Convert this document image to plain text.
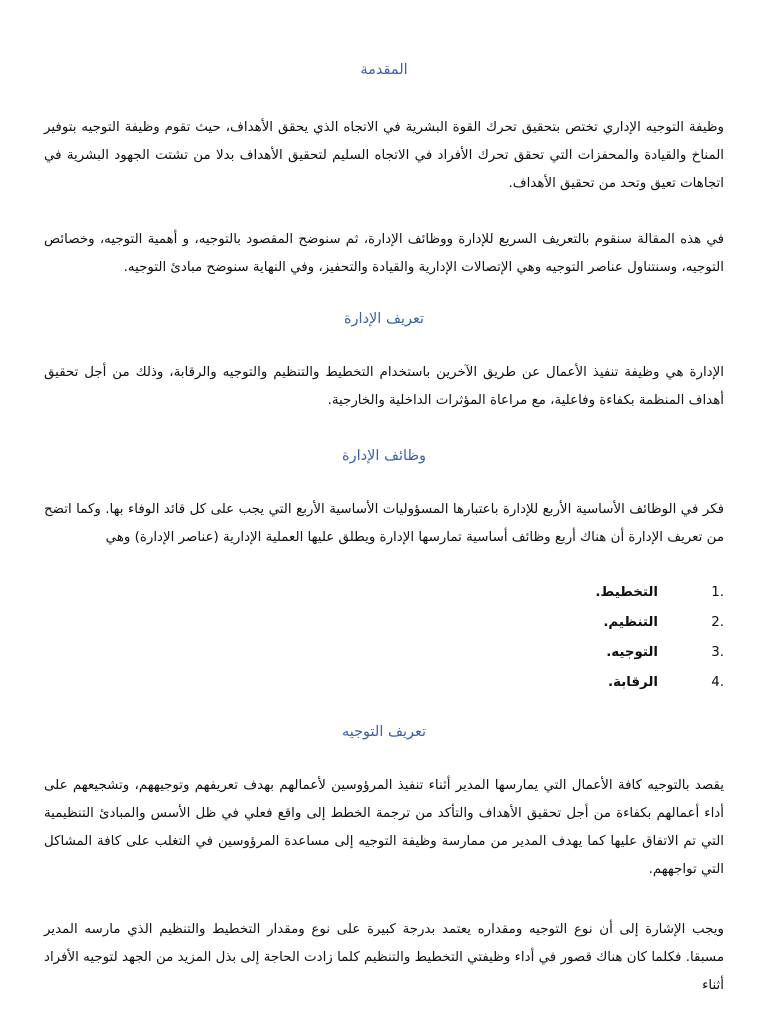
المقدمة

وظيفة التوجيه الإداري تختص بتحقيق تحرك القوة البشرية في الاتجاه الذي يحقق الأهداف، حيث تقوم وظيفة التوجيه بتوفير المناخ والقيادة والمحفزات التي تحقق تحرك الأفراد في الاتجاه السليم لتحقيق الأهداف بدلا من تشتت الجهود البشرية في اتجاهات تعيق وتحد من تحقيق الأهداف.

في هذه المقالة سنقوم بالتعريف السريع للإدارة ووظائف الإدارة، ثم سنوضح المقصود بالتوجيه، و أهمية التوجيه، وخصائص التوجيه، وسنتناول عناصر التوجيه وهي الإتصالات الإدارية والقيادة والتحفيز، وفي النهاية سنوضح مبادئ التوجيه.

تعريف الإدارة

الإدارة هي وظيفة تنفيذ الأعمال عن طريق الآخرين باستخدام التخطيط والتنظيم والتوجيه والرقابة، وذلك من أجل تحقيق أهداف المنظمة بكفاءة وفاعلية، مع مراعاة المؤثرات الداخلية والخارجية.

وظائف الإدارة

فكر في الوظائف الأساسية الأربع للإدارة باعتبارها المسؤوليات الأساسية الأربع التي يجب على كل قائد الوفاء بها. وكما اتضح من تعريف الإدارة أن هناك أربع وظائف أساسية تمارسها الإدارة ويطلق عليها العملية الإدارية (عناصر الإدارة) وهي

1.
التخطيط.
2.
التنظيم.
3.
التوجيه.
4.
الرقابة.
تعريف التوجيه

يقصد بالتوجيه كافة الأعمال التي يمارسها المدير أثناء تنفيذ المرؤوسين لأعمالهم بهدف تعريفهم وتوجيههم، وتشجيعهم على أداء أعمالهم بكفاءة من أجل تحقيق الأهداف والتأكد من ترجمة الخطط إلى واقع فعلي في ظل الأسس والمبادئ التنظيمية التي تم الاتفاق عليها كما يهدف المدير من ممارسة وظيفة التوجيه إلى مساعدة المرؤوسين في التغلب على كافة المشاكل التي تواجههم.

ويجب الإشارة إلى أن نوع التوجيه ومقداره يعتمد بدرجة كبيرة على نوع ومقدار التخطيط والتنظيم الذي مارسه المدير مسبقا. فكلما كان هناك قصور في أداء وظيفتي التخطيط والتنظيم كلما زادت الحاجة إلى بذل المزيد من الجهد لتوجيه الأفراد أثناء
